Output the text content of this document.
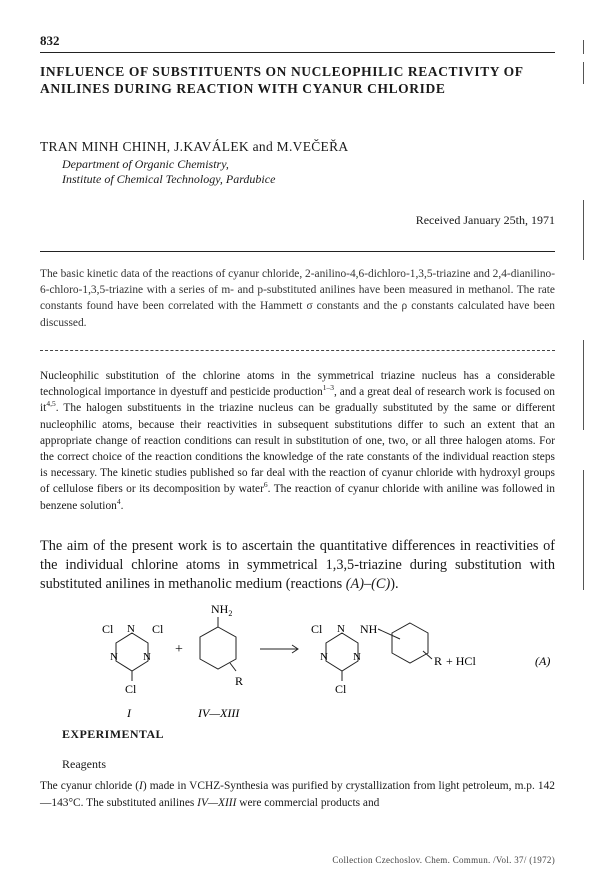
832
INFLUENCE OF SUBSTITUENTS ON NUCLEOPHILIC REACTIVITY OF ANILINES DURING REACTION WITH CYANUR CHLORIDE
TRAN MINH CHINH, J.KAVÁLEK and M.VEČEŘA
Department of Organic Chemistry,
Institute of Chemical Technology, Pardubice
Received January 25th, 1971
The basic kinetic data of the reactions of cyanur chloride, 2-anilino-4,6-dichloro-1,3,5-triazine and 2,4-dianilino-6-chloro-1,3,5-triazine with a series of m- and p-substituted anilines have been measured in methanol. The rate constants found have been correlated with the Hammett σ constants and the ρ constants calculated have been discussed.
Nucleophilic substitution of the chlorine atoms in the symmetrical triazine nucleus has a considerable technological importance in dyestuff and pesticide production$^{1-3}$, and a great deal of research work is focused on it$^{4,5}$. The halogen substituents in the triazine nucleus can be gradually substituted by the same or different nucleophilic atoms, because their reactivities in subsequent substitutions differ to such an extent that an appropriate change of reaction conditions can result in substitution of one, two, or all three halogen atoms. For the correct choice of the reaction conditions the knowledge of the rate constants of the individual reaction steps is necessary. The kinetic studies published so far deal with the reaction of cyanur chloride with hydroxyl groups of cellulose fibers or its decomposition by water$^6$. The reaction of cyanur chloride with aniline was followed in benzene solution$^4$.
The aim of the present work is to ascertain the quantitative differences in reactivities of the individual chlorine atoms in symmetrical 1,3,5-triazine during substitution with substituted anilines in methanolic medium (reactions (A)–(C)).
Cl N Cl
N N
Cl
I
+
$NH_2$
R
IV—XIII
Cl N NH
N N
Cl
R + HCl	(A)
EXPERIMENTAL
Reagents
The cyanur chloride (I) made in VCHZ-Synthesia was purified by crystallization from light petroleum, m.p. 142—143°C. The substituted anilines IV—XIII were commercial products and
Collection Czechoslov. Chem. Commun. /Vol. 37/ (1972)
